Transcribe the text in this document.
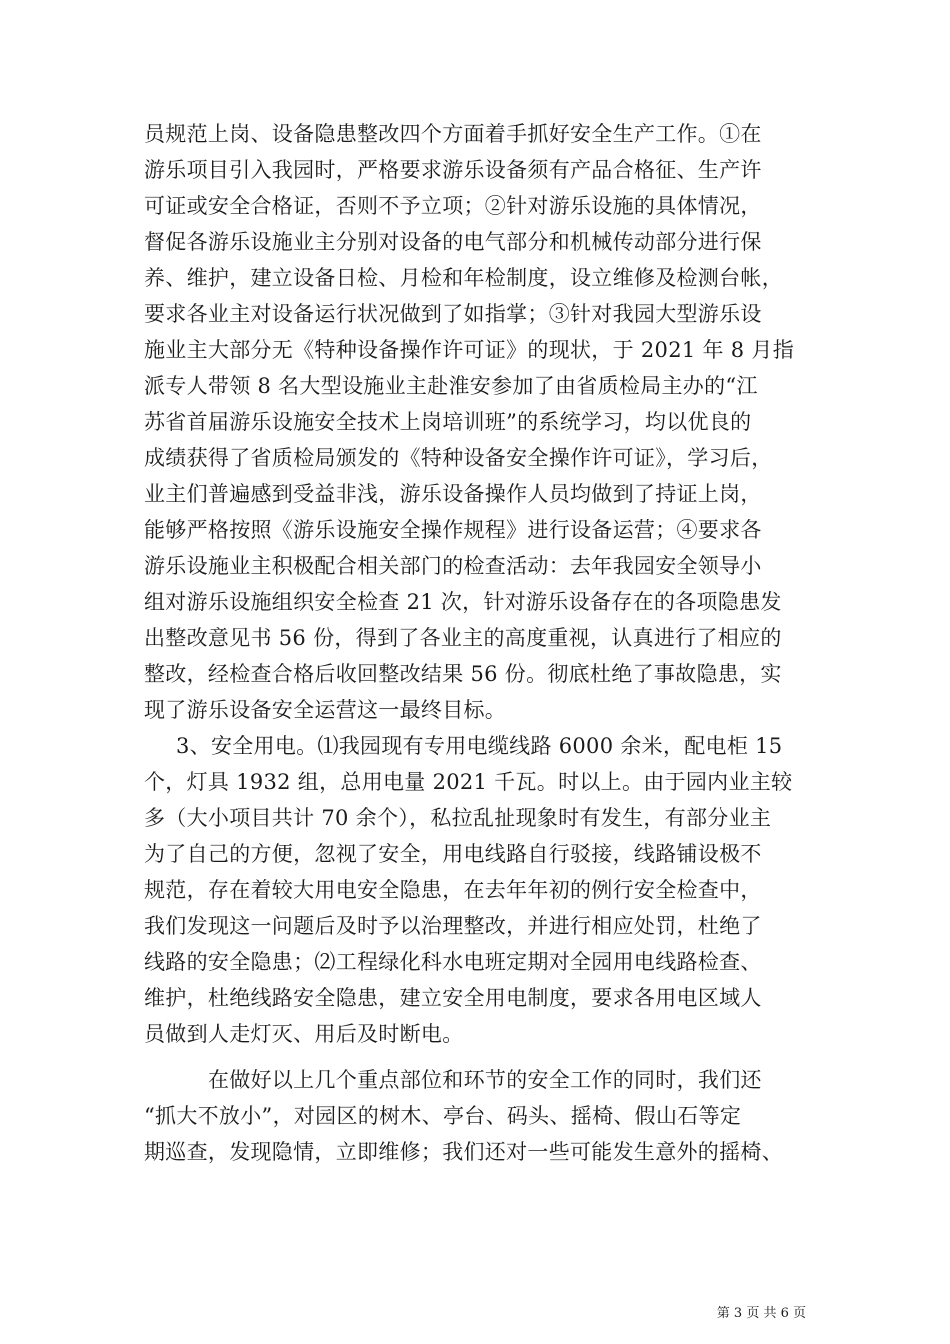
员规范上岗、设备隐患整改四个方面着手抓好安全生产工作。①在
游乐项目引入我园时，严格要求游乐设备须有产品合格征、生产许
可证或安全合格证，否则不予立项；②针对游乐设施的具体情况，
督促各游乐设施业主分别对设备的电气部分和机械传动部分进行保
养、维护，建立设备日检、月检和年检制度，设立维修及检测台帐，
要求各业主对设备运行状况做到了如指掌；③针对我园大型游乐设
施业主大部分无《特种设备操作许可证》的现状，于 2021 年 8 月指
派专人带领 8 名大型设施业主赴淮安参加了由省质检局主办的“江
苏省首届游乐设施安全技术上岗培训班”的系统学习，均以优良的
成绩获得了省质检局颁发的《特种设备安全操作许可证》，学习后，
业主们普遍感到受益非浅，游乐设备操作人员均做到了持证上岗，
能够严格按照《游乐设施安全操作规程》进行设备运营；④要求各
游乐设施业主积极配合相关部门的检查活动：去年我园安全领导小
组对游乐设施组织安全检查 21 次，针对游乐设备存在的各项隐患发
出整改意见书 56 份，得到了各业主的高度重视，认真进行了相应的
整改，经检查合格后收回整改结果 56 份。彻底杜绝了事故隐患，实
现了游乐设备安全运营这一最终目标。
3、安全用电。⑴我园现有专用电缆线路 6000 余米，配电柜 15
个，灯具 1932 组，总用电量 2021 千瓦。时以上。由于园内业主较
多（大小项目共计 70 余个），私拉乱扯现象时有发生，有部分业主
为了自己的方便，忽视了安全，用电线路自行驳接，线路铺设极不
规范，存在着较大用电安全隐患，在去年年初的例行安全检查中，
我们发现这一问题后及时予以治理整改，并进行相应处罚，杜绝了
线路的安全隐患；⑵工程绿化科水电班定期对全园用电线路检查、
维护，杜绝线路安全隐患，建立安全用电制度，要求各用电区域人
员做到人走灯灭、用后及时断电。
在做好以上几个重点部位和环节的安全工作的同时，我们还
“抓大不放小”，对园区的树木、亭台、码头、摇椅、假山石等定
期巡查，发现隐情，立即维修；我们还对一些可能发生意外的摇椅、
第 3 页 共 6 页
